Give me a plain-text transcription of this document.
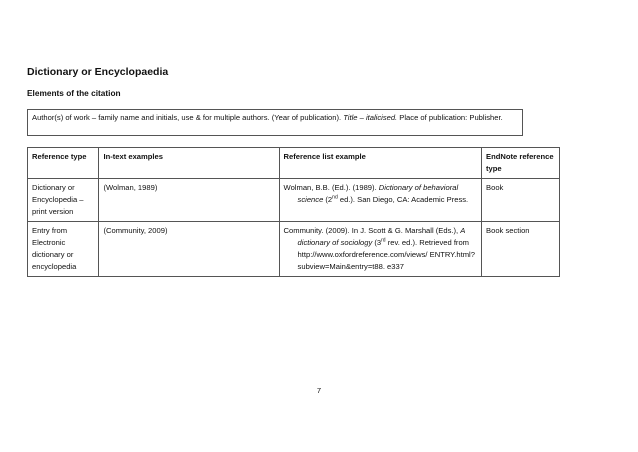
Dictionary or Encyclopaedia
Elements of the citation
Author(s) of work – family name and initials, use & for multiple authors. (Year of publication). Title – italicised. Place of publication: Publisher.
Reference type	In-text examples	Reference list example	EndNote reference type
Dictionary or Encyclopedia – print version	(Wolman, 1989)	Wolman, B.B. (Ed.). (1989). Dictionary of behavioral science (2nd ed.). San Diego, CA: Academic Press.	Book
Entry from Electronic dictionary or encyclopedia	(Community, 2009)	Community. (2009). In J. Scott & G. Marshall (Eds.), A dictionary of sociology (3rd rev. ed.). Retrieved from http://www.oxfordreference.com/views/ ENTRY.html?subview=Main&entry=t88. e337	Book section
7
